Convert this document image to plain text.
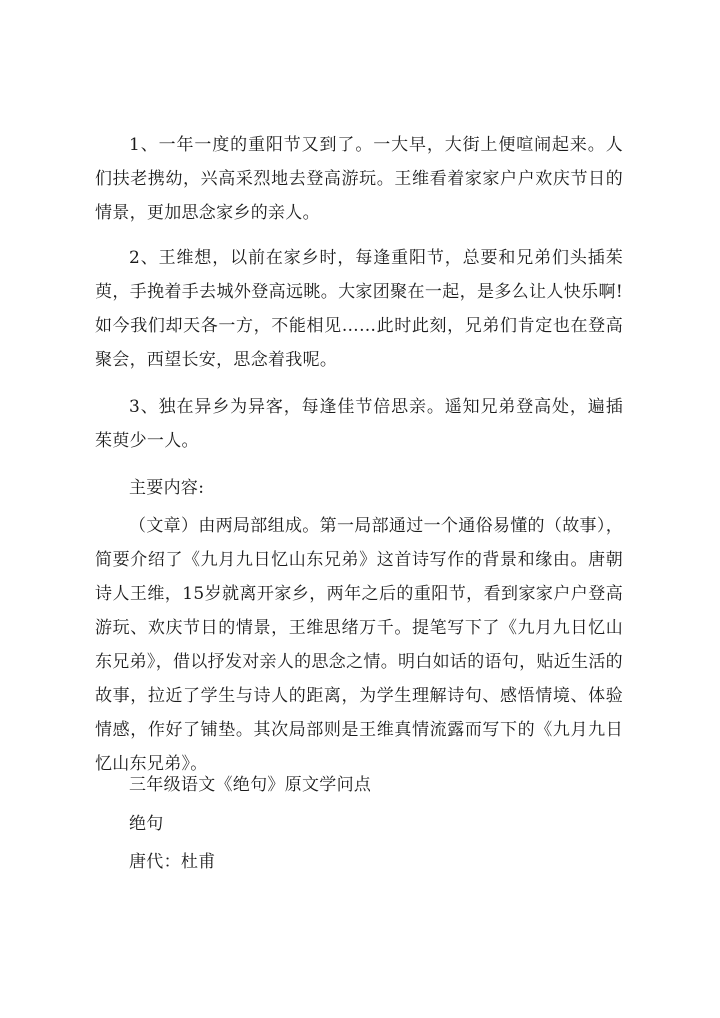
1、一年一度的重阳节又到了。一大早，大街上便喧闹起来。人们扶老携幼，兴高采烈地去登高游玩。王维看着家家户户欢庆节日的情景，更加思念家乡的亲人。

2、王维想，以前在家乡时，每逢重阳节，总要和兄弟们头插茱萸，手挽着手去城外登高远眺。大家团聚在一起，是多么让人快乐啊!如今我们却天各一方，不能相见……此时此刻，兄弟们肯定也在登高聚会，西望长安，思念着我呢。

3、独在异乡为异客，每逢佳节倍思亲。遥知兄弟登高处，遍插茱萸少一人。

主要内容:

（文章）由两局部组成。第一局部通过一个通俗易懂的（故事），简要介绍了《九月九日忆山东兄弟》这首诗写作的背景和缘由。唐朝诗人王维，15岁就离开家乡，两年之后的重阳节，看到家家户户登高游玩、欢庆节日的情景，王维思绪万千。提笔写下了《九月九日忆山东兄弟》，借以抒发对亲人的思念之情。明白如话的语句，贴近生活的故事，拉近了学生与诗人的距离，为学生理解诗句、感悟情境、体验情感，作好了铺垫。其次局部则是王维真情流露而写下的《九月九日忆山东兄弟》。

三年级语文《绝句》原文学问点

绝句

唐代：杜甫
